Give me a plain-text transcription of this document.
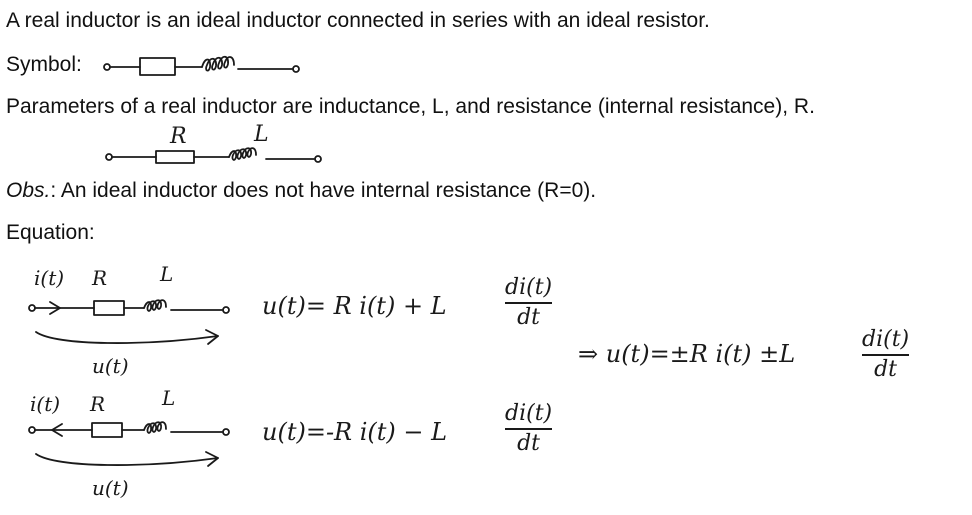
A real inductor is an ideal inductor connected in series with an ideal resistor.
Symbol:
Parameters of a real inductor are inductance, L, and resistance (internal resistance), R.
R	L
Obs.: An ideal inductor does not have internal resistance (R=0).
Equation:
i(t) R	L
u(t)
u(t)= R i(t) + L
di(t)
dt
⇒ u(t)=±R i(t) ±L
di(t)
dt
i(t) R	L
u(t)
u(t)=-R i(t) − L
di(t)
dt
